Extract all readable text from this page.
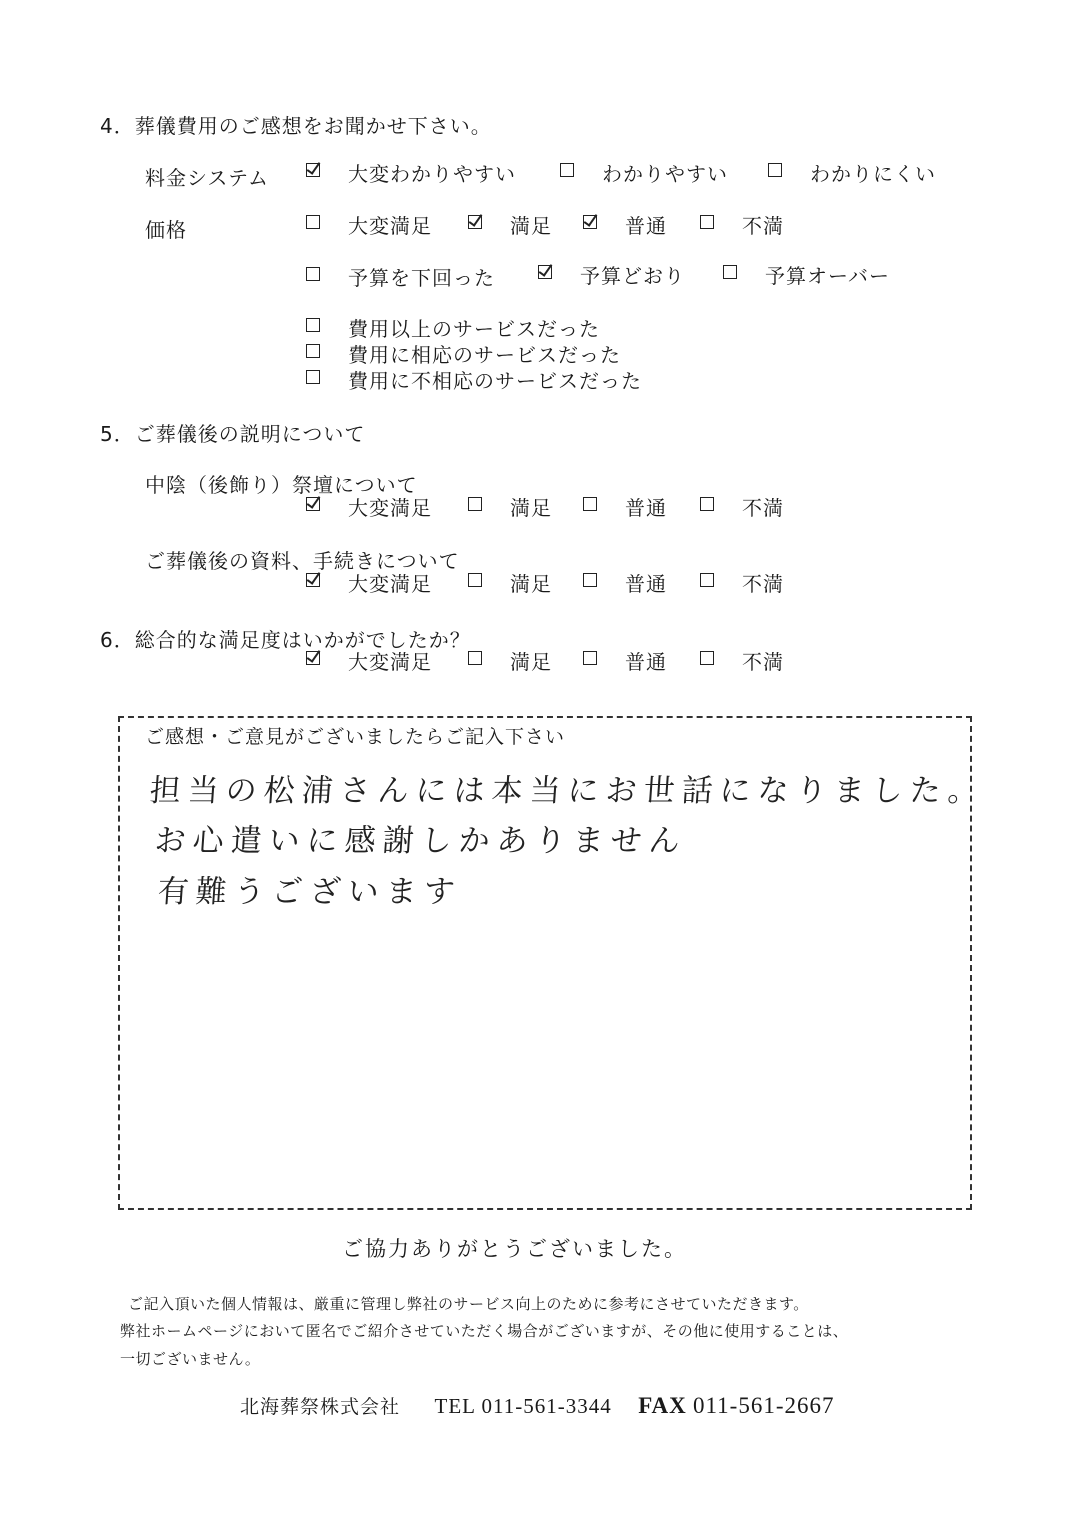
4．葬儀費用のご感想をお聞かせ下さい。
料金システム	大変わかりやすい	わかりやすい	わかりにくい
価格	大変満足	満足	普通	不満
予算を下回った	予算どおり	予算オーバー
費用以上のサービスだった
費用に相応のサービスだった
費用に不相応のサービスだった
5．ご葬儀後の説明について
中陰（後飾り）祭壇について
大変満足	満足	普通	不満
ご葬儀後の資料、手続きについて
大変満足	満足	普通	不満
6．総合的な満足度はいかがでしたか？
大変満足	満足	普通	不満
ご感想・ご意見がございましたらご記入下さい
担当の松浦さんには本当にお世話になりました。
お心遣いに感謝しかありません
有難うございます
ご協力ありがとうございました。
ご記入頂いた個人情報は、厳重に管理し弊社のサービス向上のために参考にさせていただきます。
弊社ホームページにおいて匿名でご紹介させていただく場合がございますが、その他に使用することは、
一切ございません。
北海葬祭株式会社 TEL 011-561-3344 FAX 011-561-2667
